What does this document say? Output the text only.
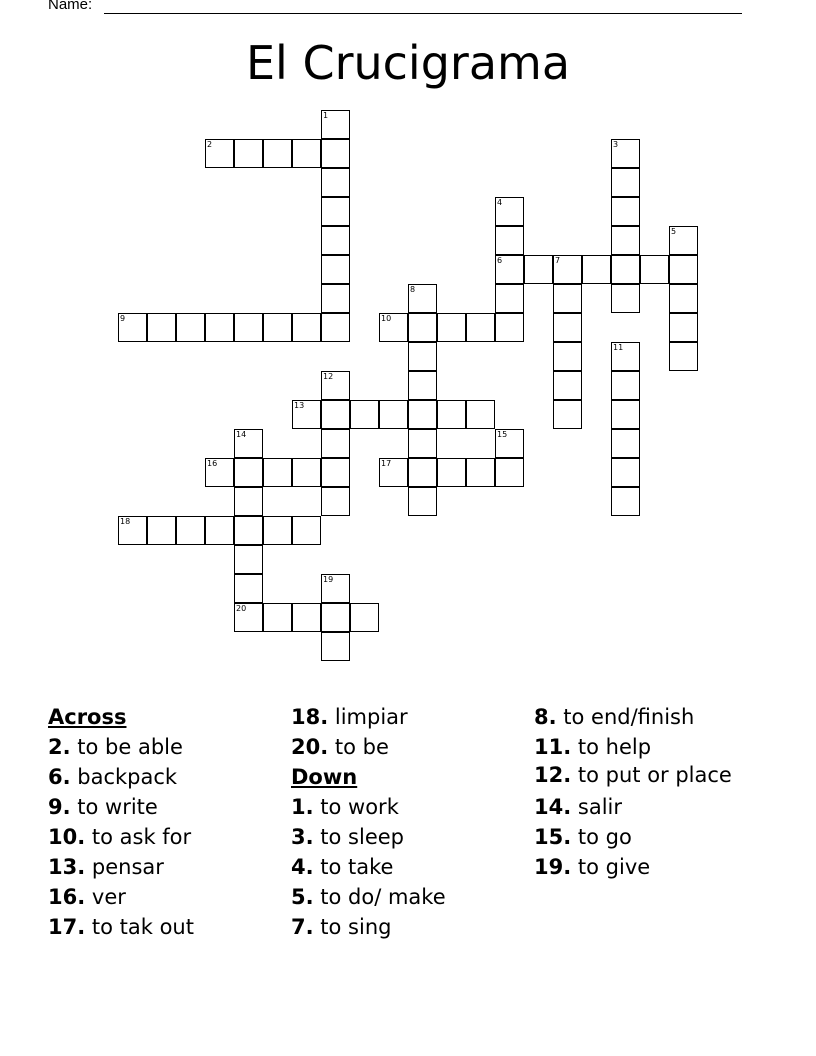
Name:
El Crucigrama
1
2	3
4
6
5
7
8
9	10
11
12
13
14
20
15
16	17
18
19
Across
2. to be able
6. backpack
9. to write
10. to ask for
13. pensar
16. ver
17. to tak out
18. limpiar
20. to be
Down
1. to work
3. to sleep
4. to take
5. to do/ make
7. to sing
8. to end/finish
11. to help
12. to put or place
14. salir
15. to go
19. to give
